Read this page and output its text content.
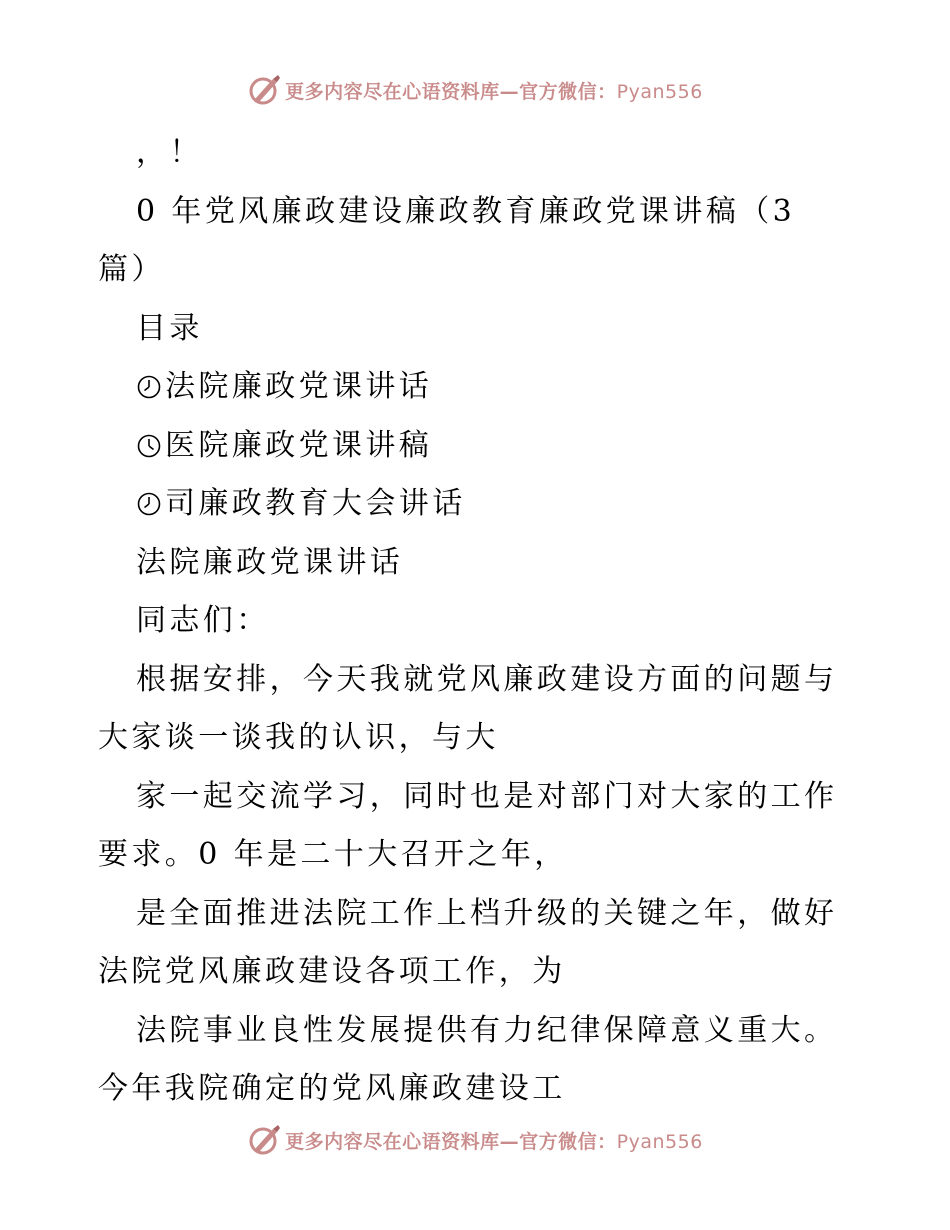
更多内容尽在心语资料库—官方微信：Pyan556
，！
0 年党风廉政建设廉政教育廉政党课讲稿（3
篇）
目录
法院廉政党课讲话
医院廉政党课讲稿
司廉政教育大会讲话
法院廉政党课讲话
同志们：
根据安排，今天我就党风廉政建设方面的问题与
大家谈一谈我的认识，与大
家一起交流学习，同时也是对部门对大家的工作
要求。0 年是二十大召开之年，
是全面推进法院工作上档升级的关键之年，做好
法院党风廉政建设各项工作，为
法院事业良性发展提供有力纪律保障意义重大。
今年我院确定的党风廉政建设工
更多内容尽在心语资料库—官方微信：Pyan556
